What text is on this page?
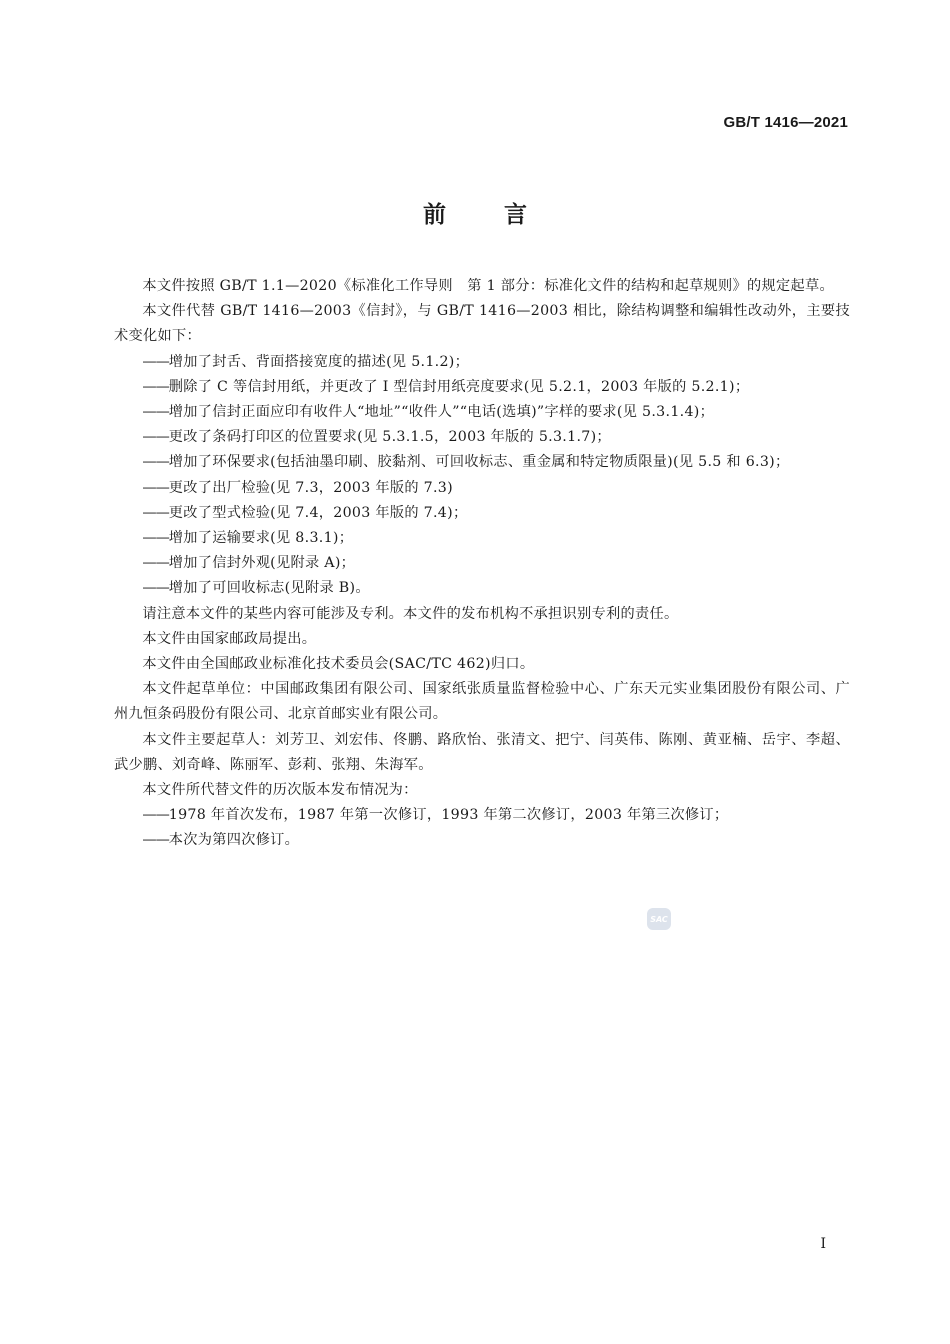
GB/T 1416—2021
前言

本文件按照 GB/T 1.1—2020《标准化工作导则　第 1 部分：标准化文件的结构和起草规则》的规定起草。

本文件代替 GB/T 1416—2003《信封》，与 GB/T 1416—2003 相比，除结构调整和编辑性改动外，主要技术变化如下：

—— 增加了封舌、背面搭接宽度的描述(见 5.1.2)；
—— 删除了 C 等信封用纸，并更改了 Ⅰ 型信封用纸亮度要求(见 5.2.1，2003 年版的 5.2.1)；
—— 增加了信封正面应印有收件人“地址”“收件人”“电话(选填)”字样的要求(见 5.3.1.4)；
—— 更改了条码打印区的位置要求(见 5.3.1.5，2003 年版的 5.3.1.7)；
—— 增加了环保要求(包括油墨印刷、胶黏剂、可回收标志、重金属和特定物质限量)(见 5.5 和 6.3)；
—— 更改了出厂检验(见 7.3，2003 年版的 7.3)
—— 更改了型式检验(见 7.4，2003 年版的 7.4)；
—— 增加了运输要求(见 8.3.1)；
—— 增加了信封外观(见附录 A)；
—— 增加了可回收标志(见附录 B)。

请注意本文件的某些内容可能涉及专利。本文件的发布机构不承担识别专利的责任。

本文件由国家邮政局提出。

本文件由全国邮政业标准化技术委员会(SAC/TC 462)归口。

本文件起草单位：中国邮政集团有限公司、国家纸张质量监督检验中心、广东天元实业集团股份有限公司、广州九恒条码股份有限公司、北京首邮实业有限公司。

本文件主要起草人：刘芳卫、刘宏伟、佟鹏、路欣怡、张清文、把宁、闫英伟、陈刚、黄亚楠、岳宇、李超、武少鹏、刘奇峰、陈丽军、彭莉、张翔、朱海军。

本文件所代替文件的历次版本发布情况为：

—— 1978 年首次发布，1987 年第一次修订，1993 年第二次修订，2003 年第三次修订；
—— 本次为第四次修订。
SAC
I
